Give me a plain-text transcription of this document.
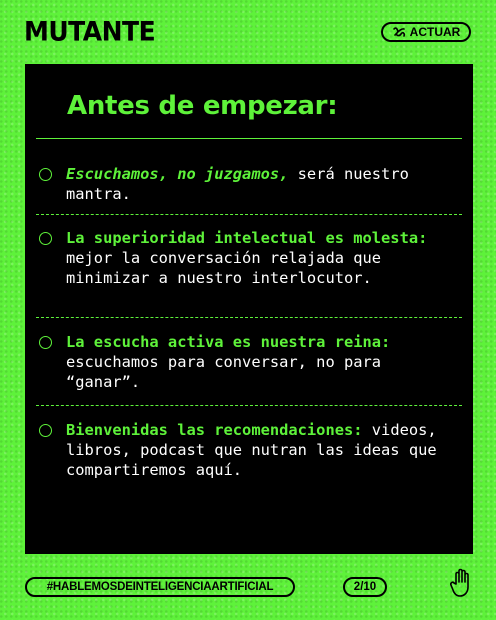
MUTANTE	ACTUAR
Antes de empezar:

Escuchamos, no juzgamos, será nuestro mantra.

La superioridad intelectual es molesta: mejor la conversación relajada que minimizar a nuestro interlocutor.

La escucha activa es nuestra reina: escuchamos para conversar, no para “ganar”.

Bienvenidas las recomendaciones: videos, libros, podcast que nutran las ideas que compartiremos aquí.

#HABLEMOSDEINTELIGENCIAARTIFICIAL	2/10
